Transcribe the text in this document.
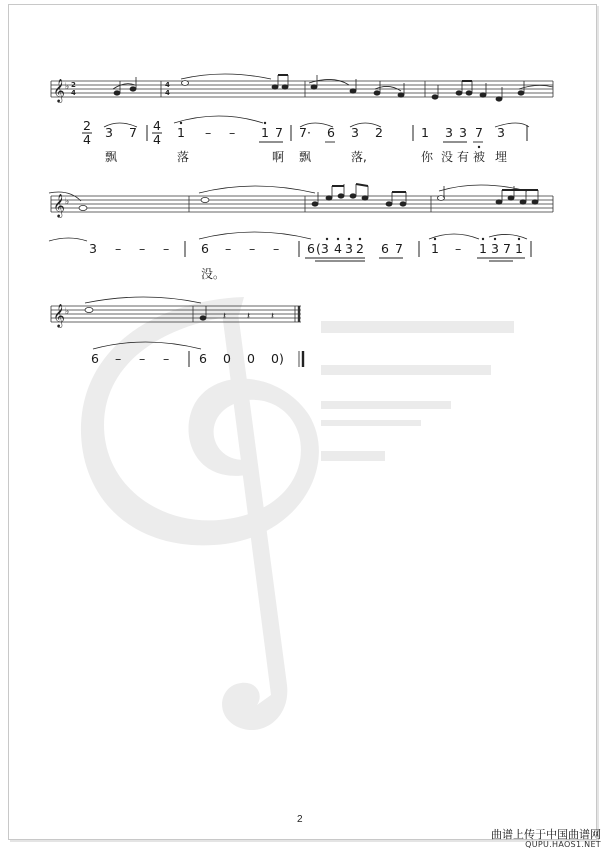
𝄞 ♭ 2
4
4
4
2
4 3 7 4
4 1 – – 1 7 7· 6 3 2	1 3 3 7 3
飘	落	啊 飘	落,	你 没 有 被 埋
𝄞 ♭
3 – – –	6 – – – 6 (3 4 3 2 6 7 1 – 1 3 7 1
没。
𝄞 ♭	𝄽 𝄽 𝄽
6 – – – 6 0 0 0)
2
曲谱上传于中国曲谱网
QUPU.HAOS1.NET
